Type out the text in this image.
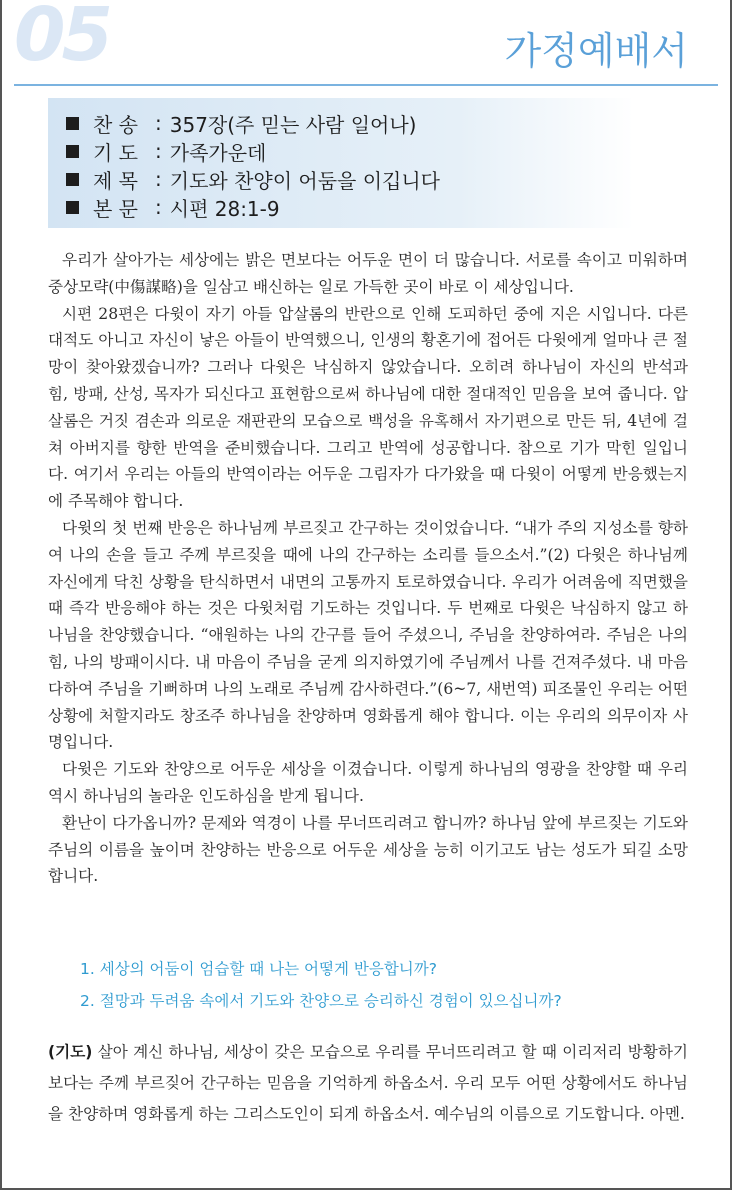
05	가정예배서
찬 송 : 357장(주 믿는 사람 일어나)
기 도 : 가족가운데
제 목 : 기도와 찬양이 어둠을 이깁니다
본 문 : 시편 28:1-9

우리가 살아가는 세상에는 밝은 면보다는 어두운 면이 더 많습니다. 서로를 속이고 미워하며 중상모략(中傷謀略)을 일삼고 배신하는 일로 가득한 곳이 바로 이 세상입니다.

시편 28편은 다윗이 자기 아들 압살롬의 반란으로 인해 도피하던 중에 지은 시입니다. 다른 대적도 아니고 자신이 낳은 아들이 반역했으니, 인생의 황혼기에 접어든 다윗에게 얼마나 큰 절망이 찾아왔겠습니까? 그러나 다윗은 낙심하지 않았습니다. 오히려 하나님이 자신의 반석과 힘, 방패, 산성, 목자가 되신다고 표현함으로써 하나님에 대한 절대적인 믿음을 보여 줍니다. 압살롬은 거짓 겸손과 의로운 재판관의 모습으로 백성을 유혹해서 자기편으로 만든 뒤, 4년에 걸쳐 아버지를 향한 반역을 준비했습니다. 그리고 반역에 성공합니다. 참으로 기가 막힌 일입니다. 여기서 우리는 아들의 반역이라는 어두운 그림자가 다가왔을 때 다윗이 어떻게 반응했는지에 주목해야 합니다.

다윗의 첫 번째 반응은 하나님께 부르짖고 간구하는 것이었습니다. “내가 주의 지성소를 향하여 나의 손을 들고 주께 부르짖을 때에 나의 간구하는 소리를 들으소서.”(2) 다윗은 하나님께 자신에게 닥친 상황을 탄식하면서 내면의 고통까지 토로하였습니다. 우리가 어려움에 직면했을 때 즉각 반응해야 하는 것은 다윗처럼 기도하는 것입니다. 두 번째로 다윗은 낙심하지 않고 하나님을 찬양했습니다. “애원하는 나의 간구를 들어 주셨으니, 주님을 찬양하여라. 주님은 나의 힘, 나의 방패이시다. 내 마음이 주님을 굳게 의지하였기에 주님께서 나를 건져주셨다. 내 마음 다하여 주님을 기뻐하며 나의 노래로 주님께 감사하련다.”(6~7, 새번역) 피조물인 우리는 어떤 상황에 처할지라도 창조주 하나님을 찬양하며 영화롭게 해야 합니다. 이는 우리의 의무이자 사명입니다.

다윗은 기도와 찬양으로 어두운 세상을 이겼습니다. 이렇게 하나님의 영광을 찬양할 때 우리 역시 하나님의 놀라운 인도하심을 받게 됩니다.

환난이 다가옵니까? 문제와 역경이 나를 무너뜨리려고 합니까? 하나님 앞에 부르짖는 기도와 주님의 이름을 높이며 찬양하는 반응으로 어두운 세상을 능히 이기고도 남는 성도가 되길 소망합니다.

1. 세상의 어둠이 엄습할 때 나는 어떻게 반응합니까?
2. 절망과 두려움 속에서 기도와 찬양으로 승리하신 경험이 있으십니까?
(기도) 살아 계신 하나님, 세상이 갖은 모습으로 우리를 무너뜨리려고 할 때 이리저리 방황하기보다는 주께 부르짖어 간구하는 믿음을 기억하게 하옵소서. 우리 모두 어떤 상황에서도 하나님을 찬양하며 영화롭게 하는 그리스도인이 되게 하옵소서. 예수님의 이름으로 기도합니다. 아멘.
